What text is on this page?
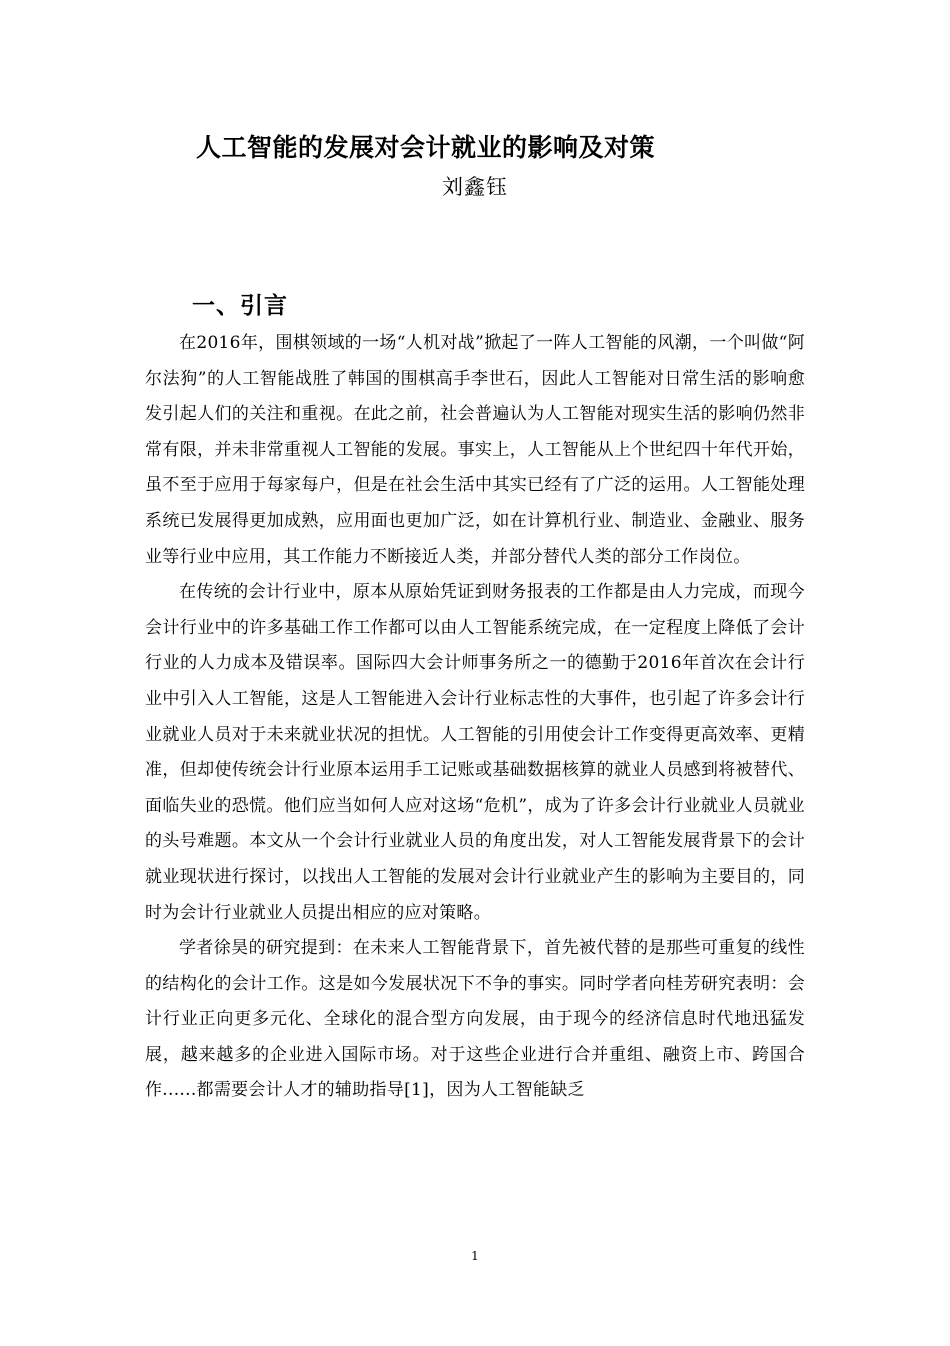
人工智能的发展对会计就业的影响及对策
刘鑫钰
一、引言

在2016年，围棋领域的一场“人机对战”掀起了一阵人工智能的风潮，一个叫做“阿尔法狗”的人工智能战胜了韩国的围棋高手李世石，因此人工智能对日常生活的影响愈发引起人们的关注和重视。在此之前，社会普遍认为人工智能对现实生活的影响仍然非常有限，并未非常重视人工智能的发展。事实上，人工智能从上个世纪四十年代开始，虽不至于应用于每家每户，但是在社会生活中其实已经有了广泛的运用。人工智能处理系统已发展得更加成熟，应用面也更加广泛，如在计算机行业、制造业、金融业、服务业等行业中应用，其工作能力不断接近人类，并部分替代人类的部分工作岗位。

在传统的会计行业中，原本从原始凭证到财务报表的工作都是由人力完成，而现今会计行业中的许多基础工作工作都可以由人工智能系统完成，在一定程度上降低了会计行业的人力成本及错误率。国际四大会计师事务所之一的德勤于2016年首次在会计行业中引入人工智能，这是人工智能进入会计行业标志性的大事件，也引起了许多会计行业就业人员对于未来就业状况的担忧。人工智能的引用使会计工作变得更高效率、更精准，但却使传统会计行业原本运用手工记账或基础数据核算的就业人员感到将被替代、面临失业的恐慌。他们应当如何人应对这场“危机”，成为了许多会计行业就业人员就业的头号难题。本文从一个会计行业就业人员的角度出发，对人工智能发展背景下的会计就业现状进行探讨，以找出人工智能的发展对会计行业就业产生的影响为主要目的，同时为会计行业就业人员提出相应的应对策略。

学者徐昊的研究提到：在未来人工智能背景下，首先被代替的是那些可重复的线性的结构化的会计工作。这是如今发展状况下不争的事实。同时学者向桂芳研究表明：会计行业正向更多元化、全球化的混合型方向发展，由于现今的经济信息时代地迅猛发展，越来越多的企业进入国际市场。对于这些企业进行合并重组、融资上市、跨国合作......都需要会计人才的辅助指导[1]，因为人工智能缺乏

1
